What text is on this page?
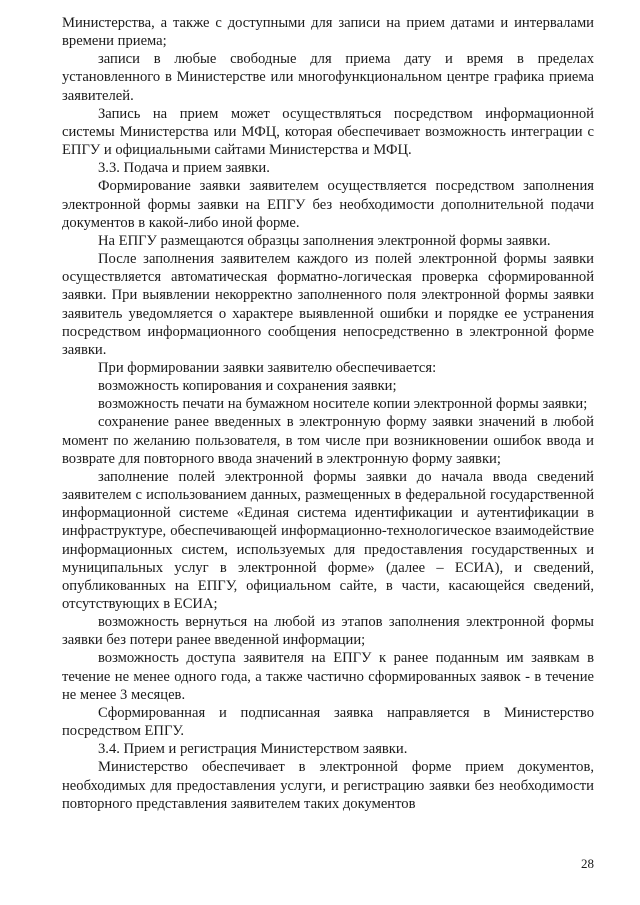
Министерства, а также с доступными для записи на прием датами и интервалами времени приема;

записи в любые свободные для приема дату и время в пределах установленного в Министерстве или многофункциональном центре графика приема заявителей.

Запись на прием может осуществляться посредством информационной системы Министерства или МФЦ, которая обеспечивает возможность интеграции с ЕПГУ и официальными сайтами Министерства и МФЦ.

3.3. Подача и прием заявки.

Формирование заявки заявителем осуществляется посредством заполнения электронной формы заявки на ЕПГУ без необходимости дополнительной подачи документов в какой-либо иной форме.

На ЕПГУ размещаются образцы заполнения электронной формы заявки.

После заполнения заявителем каждого из полей электронной формы заявки осуществляется автоматическая форматно-логическая проверка сформированной заявки. При выявлении некорректно заполненного поля электронной формы заявки заявитель уведомляется о характере выявленной ошибки и порядке ее устранения посредством информационного сообщения непосредственно в электронной форме заявки.

При формировании заявки заявителю обеспечивается:

возможность копирования и сохранения заявки;

возможность печати на бумажном носителе копии электронной формы заявки;

сохранение ранее введенных в электронную форму заявки значений в любой момент по желанию пользователя, в том числе при возникновении ошибок ввода и возврате для повторного ввода значений в электронную форму заявки;

заполнение полей электронной формы заявки до начала ввода сведений заявителем с использованием данных, размещенных в федеральной государственной информационной системе «Единая система идентификации и аутентификации в инфраструктуре, обеспечивающей информационно-технологическое взаимодействие информационных систем, используемых для предоставления государственных и муниципальных услуг в электронной форме» (далее – ЕСИА), и сведений, опубликованных на ЕПГУ, официальном сайте, в части, касающейся сведений, отсутствующих в ЕСИА;

возможность вернуться на любой из этапов заполнения электронной формы заявки без потери ранее введенной информации;

возможность доступа заявителя на ЕПГУ к ранее поданным им заявкам в течение не менее одного года, а также частично сформированных заявок - в течение не менее 3 месяцев.

Сформированная и подписанная заявка направляется в Министерство посредством ЕПГУ.

3.4. Прием и регистрация Министерством заявки.

Министерство обеспечивает в электронной форме прием документов, необходимых для предоставления услуги, и регистрацию заявки без необходимости повторного представления заявителем таких документов

28
